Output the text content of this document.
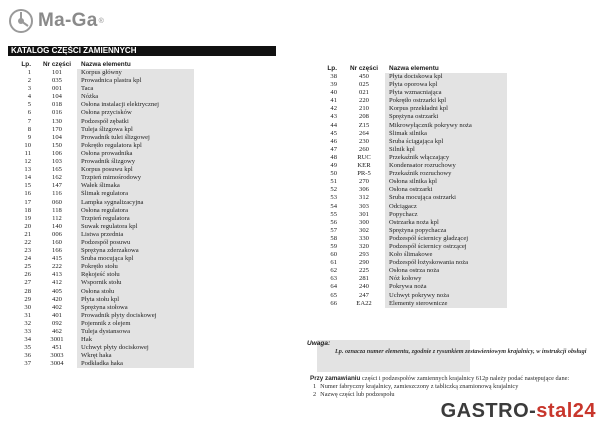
Ma-Ga ®
KATALOG CZĘŚCI ZAMIENNYCH
Lp.	Nr części	Nazwa elementu
1	101	Korpus główny
2	035	Prowadnica plastra kpl
3	001	Taca
4	104	Nóżka
5	018	Osłona instalacji elektrycznej
6	016	Osłona przycisków
7	130	Podzespół zębatki
8	170	Tuleja ślizgowa kpl
9	104	Prowadnik tulei ślizgowej
10	150	Pokrętło regulatora kpl
11	106	Osłona prowadnika
12	103	Prowadnik ślizgowy
13	165	Korpus posuwu kpl
14	162	Trzpień mimośrodowy
15	147	Wałek ślimaka
16	116	Ślimak regulatora
17	060	Lampka sygnalizacyjna
18	118	Osłona regulatora
19	112	Trzpień regulatora
20	140	Suwak regulatora kpl
21	006	Listwa przednia
22	160	Podzespół posuwu
23	166	Sprężyna zderzakowa
24	415	Śruba mocująca kpl
25	222	Pokrętło stołu
26	413	Rękojeść stołu
27	412	Wspornik stołu
28	405	Osłona stołu
29	420	Płyta stołu kpl
30	402	Sprężyna stołowa
31	401	Prowadnik płyty dociskowej
32	092	Pojemnik z olejem
33	462	Tuleja dystansowa
34	3001	Hak
35	451	Uchwyt płyty dociskowej
36	3003	Wkręt haka
37	3004	Podkładka haka
Lp.	Nr części	Nazwa elementu
38	450	Płyta dociskowa kpl
39	025	Płyta oporowa kpl
40	021	Płyta wzmacniająca
41	220	Pokrętło ostrzarki kpl
42	210	Korpus przekładni kpl
43	208	Sprężyna ostrzarki
44	Z15	Mikrowyłącznik pokrywy noża
45	264	Ślimak silnika
46	230	Śruba ściągająca kpl
47	260	Silnik kpl
48	RUC	Przekaźnik włączający
49	KER	Kondensator rozruchowy
50	PR-5	Przekaźnik rozruchowy
51	270	Osłona silnika kpl
52	306	Osłona ostrzarki
53	312	Śruba mocująca ostrzarki
54	303	Odciągacz
55	301	Popychacz
56	300	Ostrzarka noża kpl
57	302	Sprężyna popychacza
58	330	Podzespół ściernicy gładzącej
59	320	Podzespół ściernicy ostrzącej
60	293	Koło ślimakowe
61	290	Podzespół łożyskowania noża
62	225	Osłona ostrza noża
63	281	Nóż kołowy
64	240	Pokrywa noża
65	247	Uchwyt pokrywy noża
66	EA22	Elementy sterownicze
Uwaga:
Lp. oznacza numer elementu, zgodnie z rysunkiem zestawieniowym krajalnicy, w instrukcji obsługi
Przy zamawianiu części i podzespołów zamiennych krajalnicy 612p należy podać następujące dane:
1 Numer fabryczny krajalnicy, zamieszczony z tabliczką znamionową krajalnicy
2 Nazwę części lub podzespołu
GASTRO-stal24
